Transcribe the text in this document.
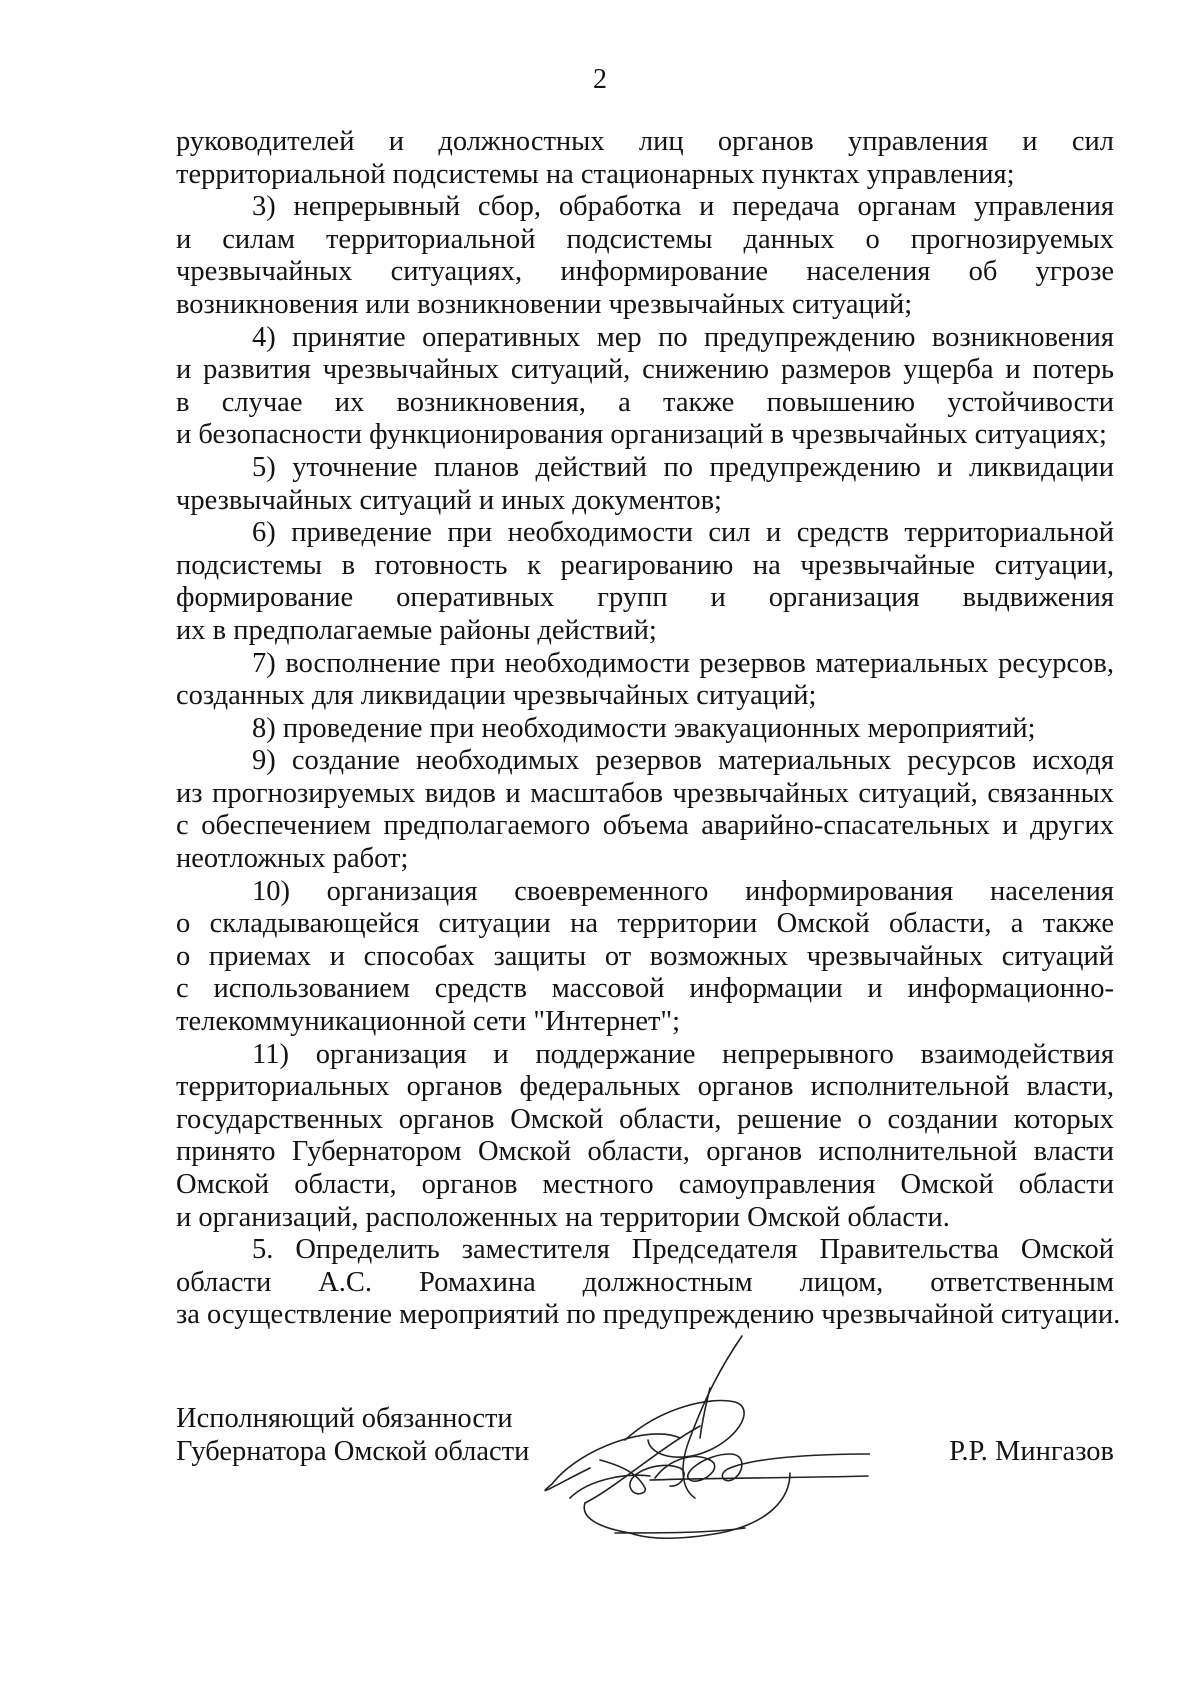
2
руководителей и должностных лиц органов управления и сил
территориальной подсистемы на стационарных пунктах управления;
3) непрерывный сбор, обработка и передача органам управления
и силам территориальной подсистемы данных о прогнозируемых
чрезвычайных ситуациях, информирование населения об угрозе
возникновения или возникновении чрезвычайных ситуаций;
4) принятие оперативных мер по предупреждению возникновения
и развития чрезвычайных ситуаций, снижению размеров ущерба и потерь
в случае их возникновения, а также повышению устойчивости
и безопасности функционирования организаций в чрезвычайных ситуациях;
5) уточнение планов действий по предупреждению и ликвидации
чрезвычайных ситуаций и иных документов;
6) приведение при необходимости сил и средств территориальной
подсистемы в готовность к реагированию на чрезвычайные ситуации,
формирование оперативных групп и организация выдвижения
их в предполагаемые районы действий;
7) восполнение при необходимости резервов материальных ресурсов,
созданных для ликвидации чрезвычайных ситуаций;
8) проведение при необходимости эвакуационных мероприятий;
9) создание необходимых резервов материальных ресурсов исходя
из прогнозируемых видов и масштабов чрезвычайных ситуаций, связанных
с обеспечением предполагаемого объема аварийно-спасательных и других
неотложных работ;
10) организация своевременного информирования населения
о складывающейся ситуации на территории Омской области, а также
о приемах и способах защиты от возможных чрезвычайных ситуаций
с использованием средств массовой информации и информационно-
телекоммуникационной сети "Интернет";
11) организация и поддержание непрерывного взаимодействия
территориальных органов федеральных органов исполнительной власти,
государственных органов Омской области, решение о создании которых
принято Губернатором Омской области, органов исполнительной власти
Омской области, органов местного самоуправления Омской области
и организаций, расположенных на территории Омской области.
5. Определить заместителя Председателя Правительства Омской
области А.С. Ромахина должностным лицом, ответственным
за осуществление мероприятий по предупреждению чрезвычайной ситуации.
Исполняющий обязанности
Губернатора Омской области	Р.Р. Мингазов
